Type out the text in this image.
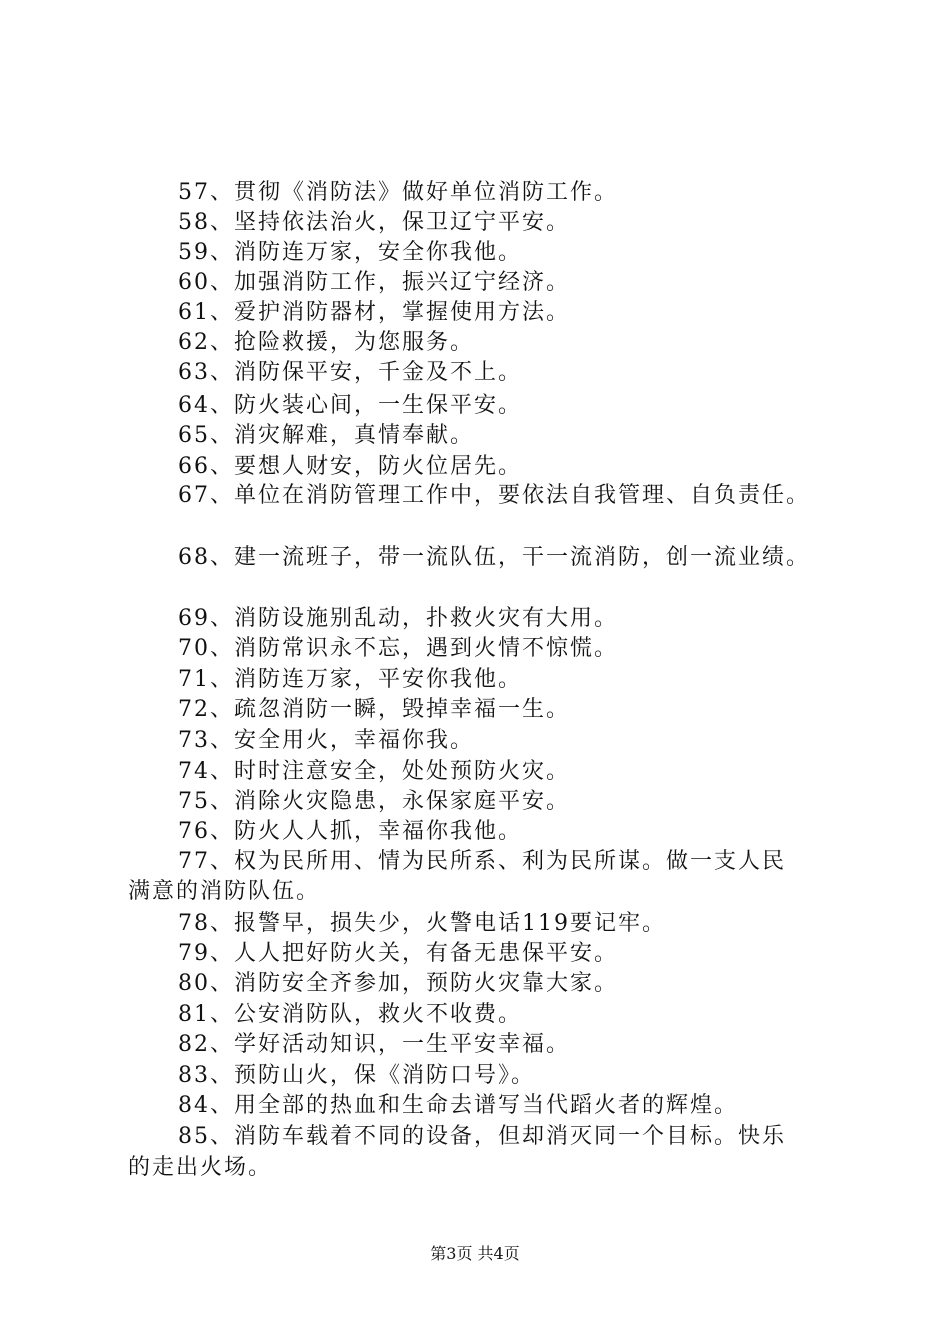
57、贯彻《消防法》做好单位消防工作。
58、坚持依法治火，保卫辽宁平安。
59、消防连万家，安全你我他。
60、加强消防工作，振兴辽宁经济。
61、爱护消防器材，掌握使用方法。
62、抢险救援，为您服务。
63、消防保平安，千金及不上。
64、防火装心间，一生保平安。
65、消灾解难，真情奉献。
66、要想人财安，防火位居先。
67、单位在消防管理工作中，要依法自我管理、自负责任。
68、建一流班子，带一流队伍，干一流消防，创一流业绩。
69、消防设施别乱动，扑救火灾有大用。
70、消防常识永不忘，遇到火情不惊慌。
71、消防连万家，平安你我他。
72、疏忽消防一瞬，毁掉幸福一生。
73、安全用火，幸福你我。
74、时时注意安全，处处预防火灾。
75、消除火灾隐患，永保家庭平安。
76、防火人人抓，幸福你我他。
77、权为民所用、情为民所系、利为民所谋。做一支人民
满意的消防队伍。
78、报警早，损失少，火警电话119要记牢。
79、人人把好防火关，有备无患保平安。
80、消防安全齐参加，预防火灾靠大家。
81、公安消防队，救火不收费。
82、学好活动知识，一生平安幸福。
83、预防山火，保《消防口号》。
84、用全部的热血和生命去谱写当代蹈火者的辉煌。
85、消防车载着不同的设备，但却消灭同一个目标。快乐
的走出火场。
第3页 共4页
